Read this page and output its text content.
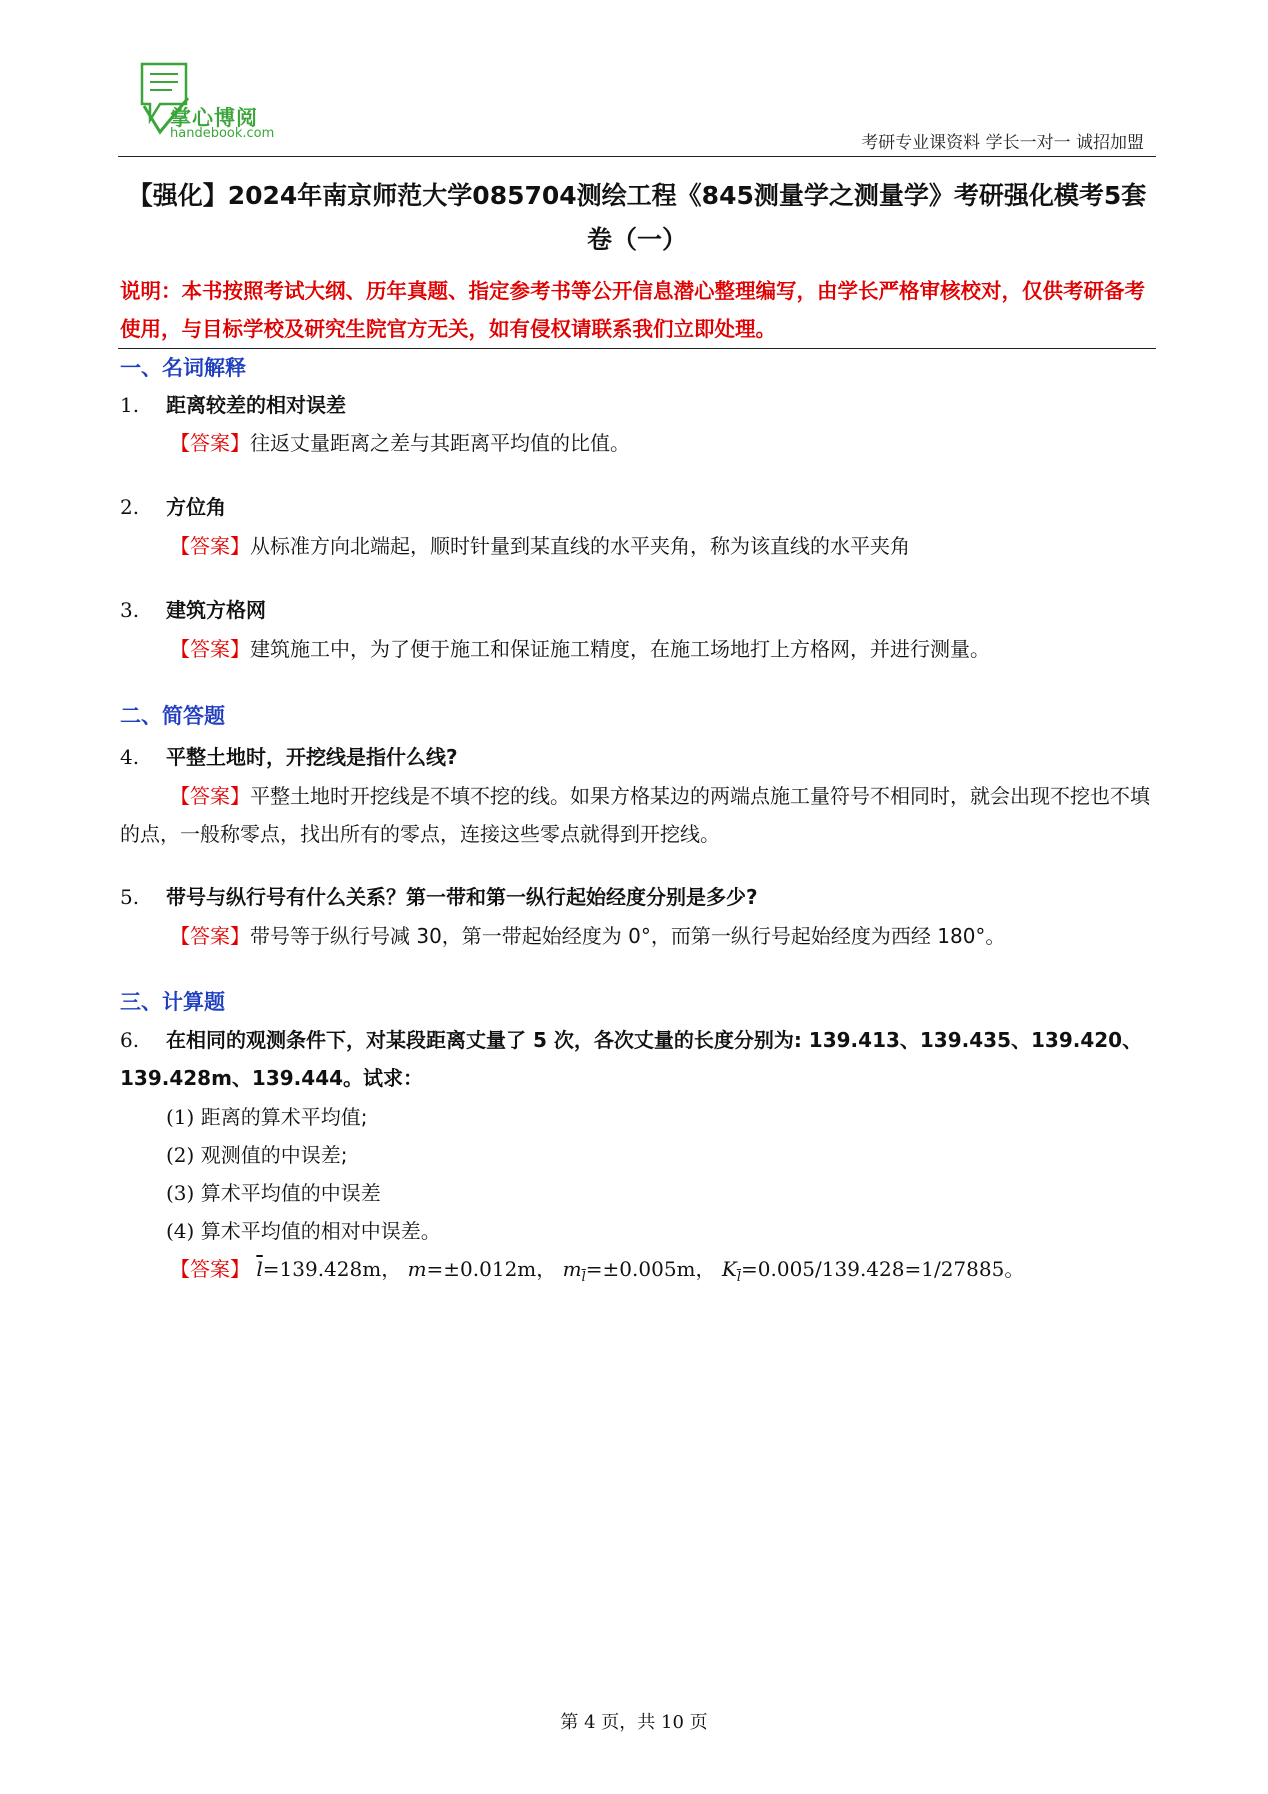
掌心博阅
handebook.com	考研专业课资料 学长一对一 诚招加盟
【强化】2024年南京师范大学085704测绘工程《845测量学之测量学》考研强化模考5套卷（一）
说明：本书按照考试大纲、历年真题、指定参考书等公开信息潜心整理编写，由学长严格审核校对，仅供考研备考使用，与目标学校及研究生院官方无关，如有侵权请联系我们立即处理。
一、名词解释
1. 距离较差的相对误差
【答案】往返丈量距离之差与其距离平均值的比值。
2. 方位角
【答案】从标准方向北端起，顺时针量到某直线的水平夹角，称为该直线的水平夹角
3. 建筑方格网
【答案】建筑施工中，为了便于施工和保证施工精度，在施工场地打上方格网，并进行测量。
二、简答题
4. 平整土地时，开挖线是指什么线?
【答案】平整土地时开挖线是不填不挖的线。如果方格某边的两端点施工量符号不相同时，就会出现不挖也不填的点，一般称零点，找出所有的零点，连接这些零点就得到开挖线。
5. 带号与纵行号有什么关系？第一带和第一纵行起始经度分别是多少?
【答案】带号等于纵行号减 30，第一带起始经度为 0°，而第一纵行号起始经度为西经 180°。
三、计算题
6. 在相同的观测条件下，对某段距离丈量了 5 次，各次丈量的长度分别为: 139.413、139.435、139.420、139.428m、139.444。试求：
(1) 距离的算术平均值;
(2) 观测值的中误差;
(3) 算术平均值的中误差
(4) 算术平均值的相对中误差。
【答案】 $\overline{l}=139.428m$， m=±0.012m， $m_{\overline{l}}=\pm 0.005m$， $K_{\overline{l}}=0.005/139.428=1/27885$。
第 4 页，共 10 页
